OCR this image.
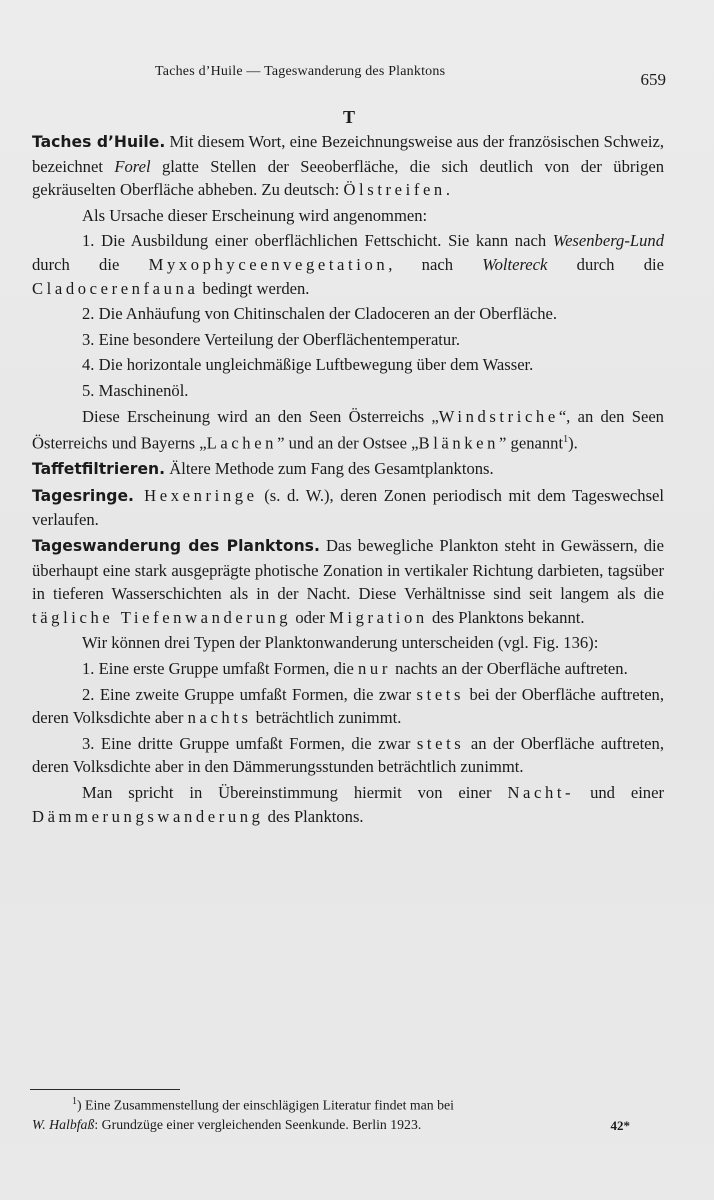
Taches d’Huile — Tageswanderung des Planktons	659
T

Taches d’Huile. Mit diesem Wort, eine Bezeichnungsweise aus der französischen Schweiz, bezeichnet Forel glatte Stellen der Seeoberfläche, die sich deutlich von der übrigen gekräuselten Oberfläche abheben. Zu deutsch: Ölstreifen.

Als Ursache dieser Erscheinung wird angenommen:

1. Die Ausbildung einer oberflächlichen Fettschicht. Sie kann nach Wesenberg-Lund durch die Myxophyceenvegetation, nach Woltereck durch die Cladocerenfauna bedingt werden.

2. Die Anhäufung von Chitinschalen der Cladoceren an der Oberfläche.

3. Eine besondere Verteilung der Oberflächentemperatur.

4. Die horizontale ungleichmäßige Luftbewegung über dem Wasser.

5. Maschinenöl.

Diese Erscheinung wird an den Seen Österreichs „Windstriche“, an den Seen Österreichs und Bayerns „Lachen” und an der Ostsee „Blänken” genannt$^1$).

Taffetfiltrieren. Ältere Methode zum Fang des Gesamtplanktons.

Tagesringe. Hexenringe (s. d. W.), deren Zonen periodisch mit dem Tageswechsel verlaufen.

Tageswanderung des Planktons. Das bewegliche Plankton steht in Gewässern, die überhaupt eine stark ausgeprägte photische Zonation in vertikaler Richtung darbieten, tagsüber in tieferen Wasserschichten als in der Nacht. Diese Verhältnisse sind seit langem als die tägliche Tiefenwanderung oder Migration des Planktons bekannt.

Wir können drei Typen der Planktonwanderung unterscheiden (vgl. Fig. 136):

1. Eine erste Gruppe umfaßt Formen, die nur nachts an der Oberfläche auftreten.

2. Eine zweite Gruppe umfaßt Formen, die zwar stets bei der Oberfläche auftreten, deren Volksdichte aber nachts beträchtlich zunimmt.

3. Eine dritte Gruppe umfaßt Formen, die zwar stets an der Oberfläche auftreten, deren Volksdichte aber in den Dämmerungsstunden beträchtlich zunimmt.

Man spricht in Übereinstimmung hiermit von einer Nacht- und einer Dämmerungswanderung des Planktons.

$^1$) Eine Zusammenstellung der einschlägigen Literatur findet man bei

W. Halbfaß: Grundzüge einer vergleichenden Seenkunde. Berlin 1923.	42*
